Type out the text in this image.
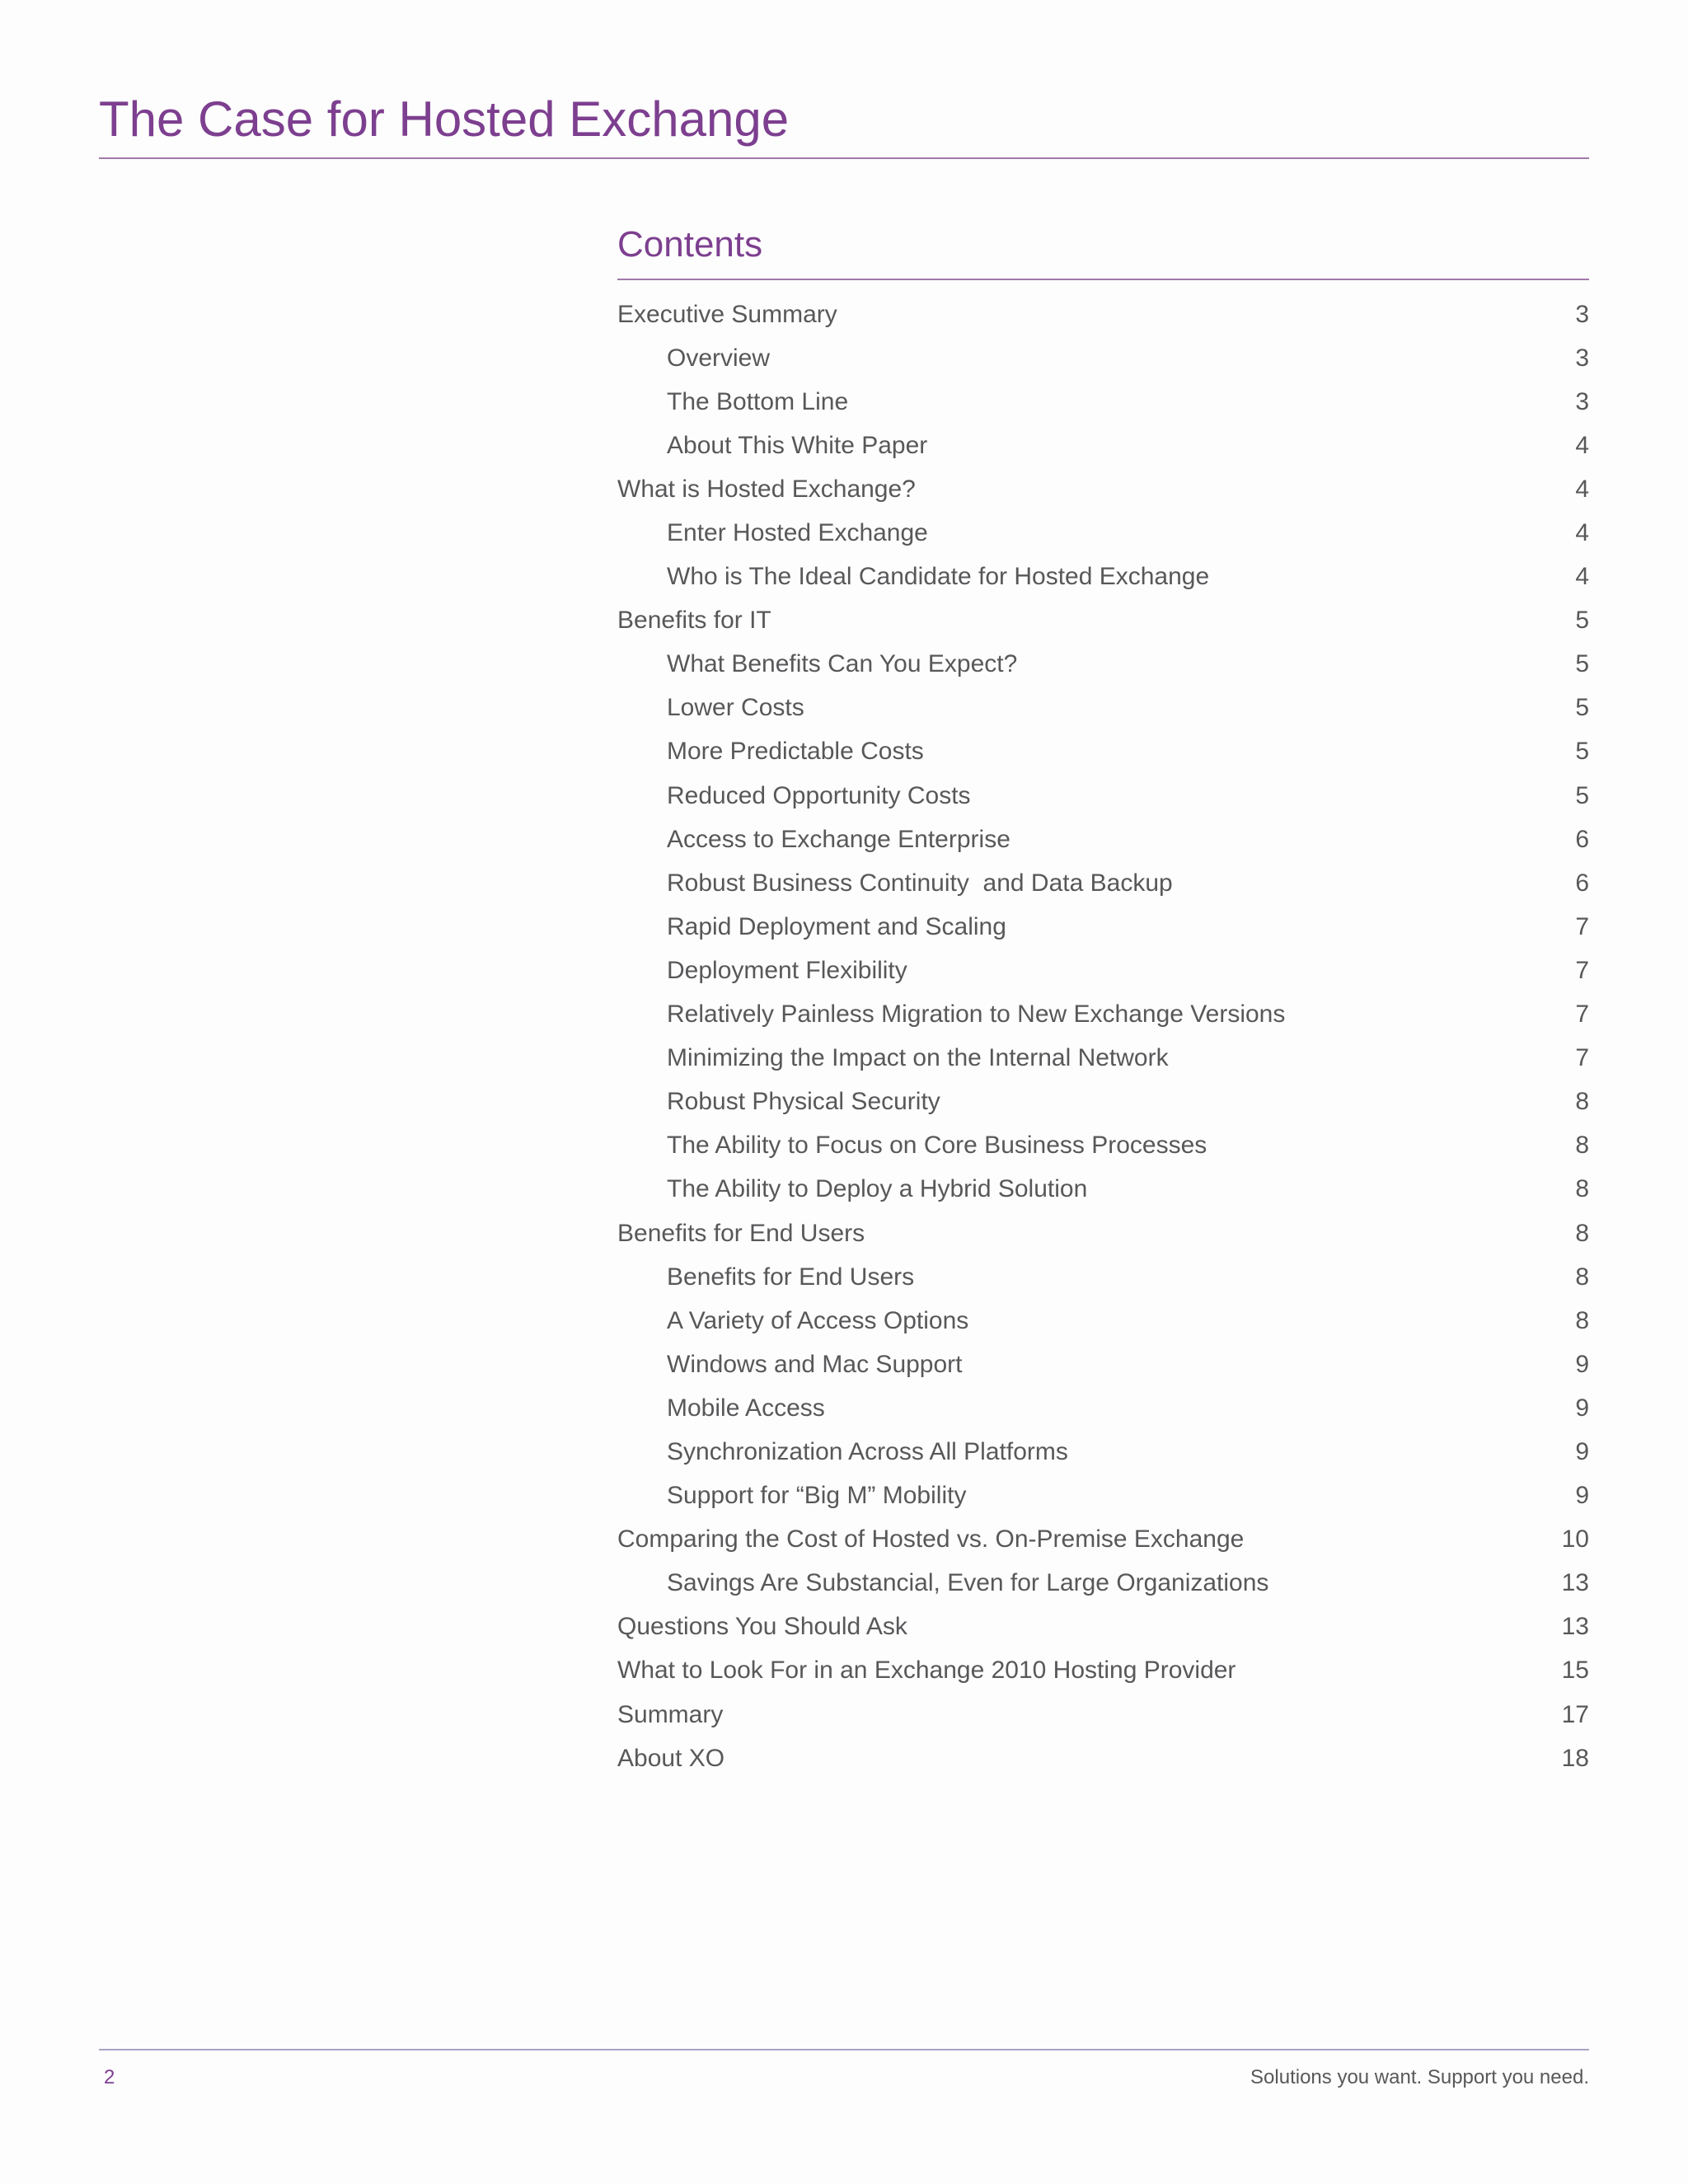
The Case for Hosted Exchange
Contents
Executive Summary	3
Overview	3
The Bottom Line	3
About This White Paper	4
What is Hosted Exchange?	4
Enter Hosted Exchange	4
Who is The Ideal Candidate for Hosted Exchange	4
Benefits for IT	5
What Benefits Can You Expect?	5
Lower Costs	5
More Predictable Costs	5
Reduced Opportunity Costs	5
Access to Exchange Enterprise	6
Robust Business Continuity  and Data Backup	6
Rapid Deployment and Scaling	7
Deployment Flexibility	7
Relatively Painless Migration to New Exchange Versions	7
Minimizing the Impact on the Internal Network	7
Robust Physical Security	8
The Ability to Focus on Core Business Processes	8
The Ability to Deploy a Hybrid Solution	8
Benefits for End Users	8
Benefits for End Users	8
A Variety of Access Options	8
Windows and Mac Support	9
Mobile Access	9
Synchronization Across All Platforms	9
Support for “Big M” Mobility	9
Comparing the Cost of Hosted vs. On-Premise Exchange	10
Savings Are Substancial, Even for Large Organizations	13
Questions You Should Ask	13
What to Look For in an Exchange 2010 Hosting Provider	15
Summary	17
About XO	18
2	Solutions you want. Support you need.
